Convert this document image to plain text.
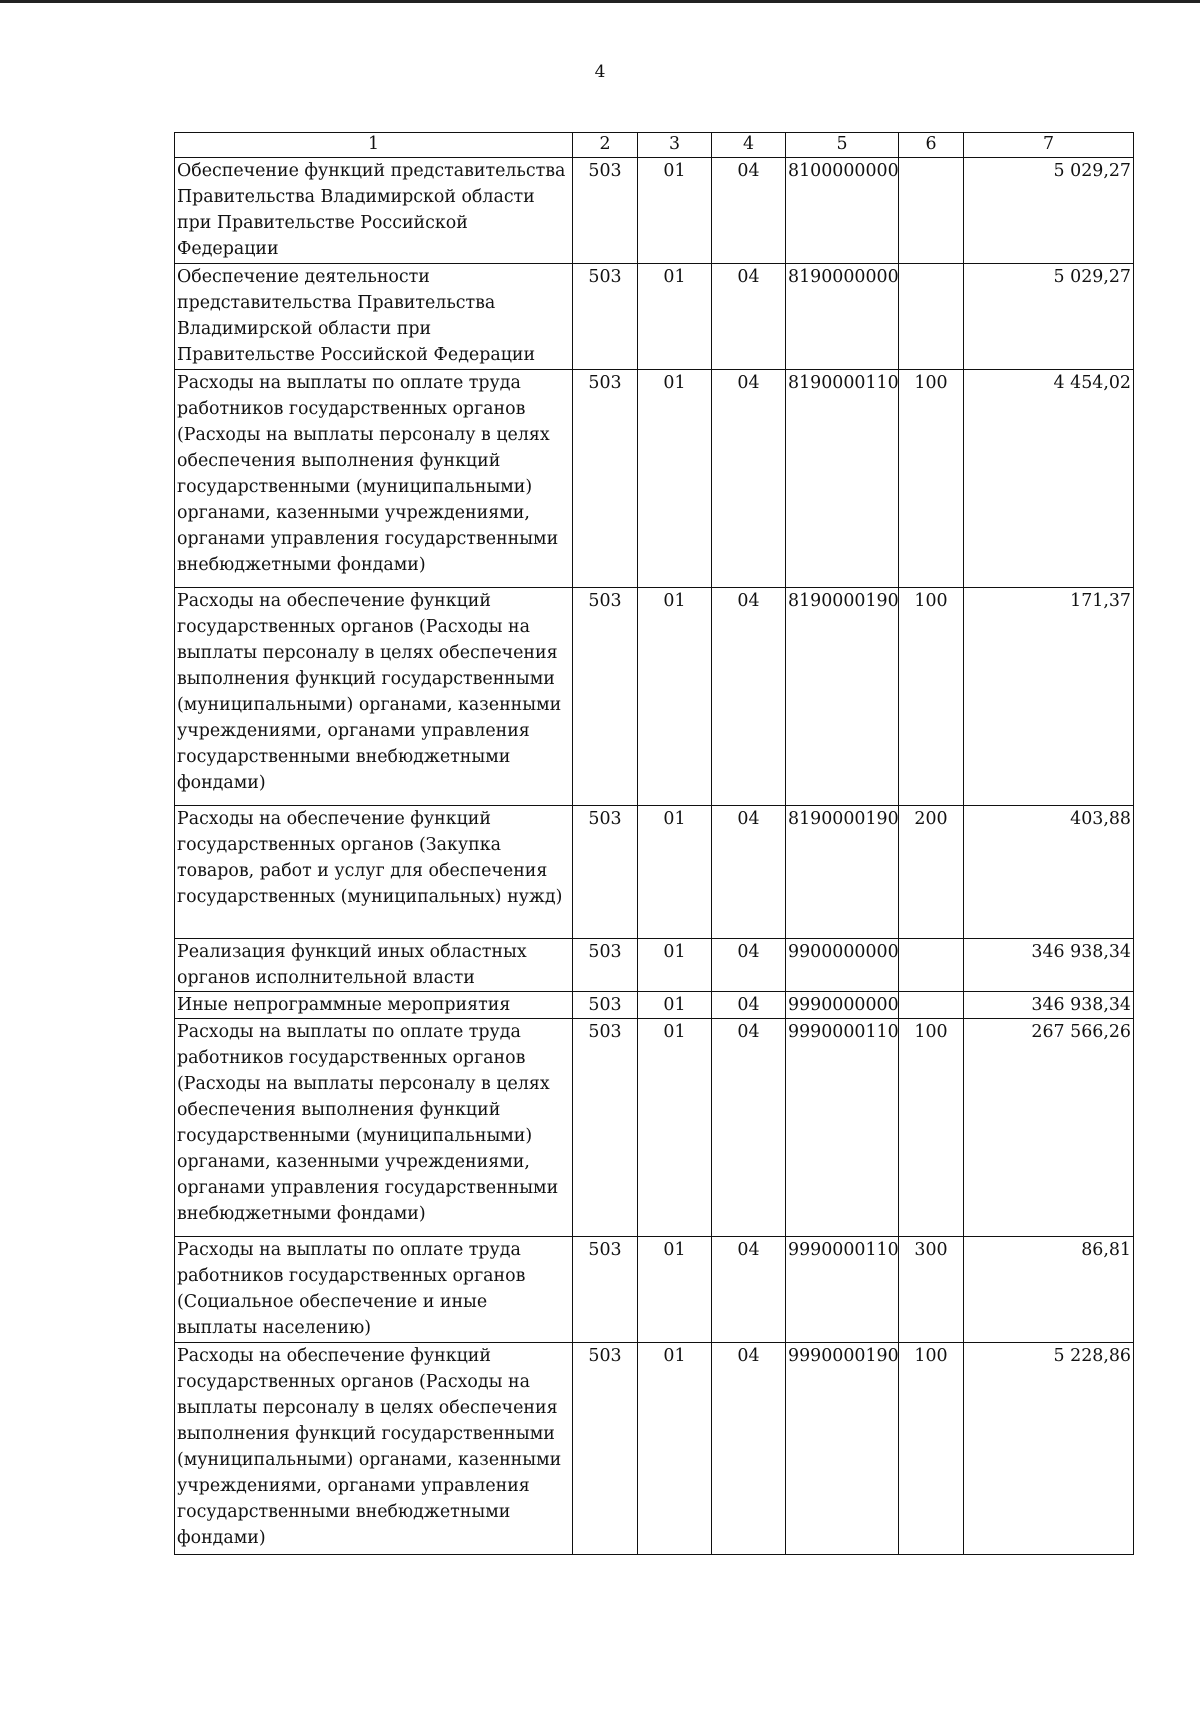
4
1	2	3	4	5	6	7
Обеспечение функций представительства Правительства Владимирской области при Правительстве Российской Федерации	503	01	04	8100000000		5 029,27
Обеспечение деятельности представительства Правительства Владимирской области при Правительстве Российской Федерации	503	01	04	8190000000		5 029,27
Расходы на выплаты по оплате труда работников государственных органов (Расходы на выплаты персоналу в целях обеспечения выполнения функций государственными (муниципальными) органами, казенными учреждениями, органами управления государственными внебюджетными фондами)	503	01	04	8190000110	100	4 454,02
Расходы на обеспечение функций государственных органов (Расходы на выплаты персоналу в целях обеспечения выполнения функций государственными (муниципальными) органами, казенными учреждениями, органами управления государственными внебюджетными фондами)	503	01	04	8190000190	100	171,37
Расходы на обеспечение функций государственных органов (Закупка товаров, работ и услуг для обеспечения государственных (муниципальных) нужд)	503	01	04	8190000190	200	403,88
Реализация функций иных областных органов исполнительной власти	503	01	04	9900000000		346 938,34
Иные непрограммные мероприятия	503	01	04	9990000000		346 938,34
Расходы на выплаты по оплате труда работников государственных органов (Расходы на выплаты персоналу в целях обеспечения выполнения функций государственными (муниципальными) органами, казенными учреждениями, органами управления государственными внебюджетными фондами)	503	01	04	9990000110	100	267 566,26
Расходы на выплаты по оплате труда работников государственных органов (Социальное обеспечение и иные выплаты населению)	503	01	04	9990000110	300	86,81
Расходы на обеспечение функций государственных органов (Расходы на выплаты персоналу в целях обеспечения выполнения функций государственными (муниципальными) органами, казенными учреждениями, органами управления государственными внебюджетными фондами)	503	01	04	9990000190	100	5 228,86
